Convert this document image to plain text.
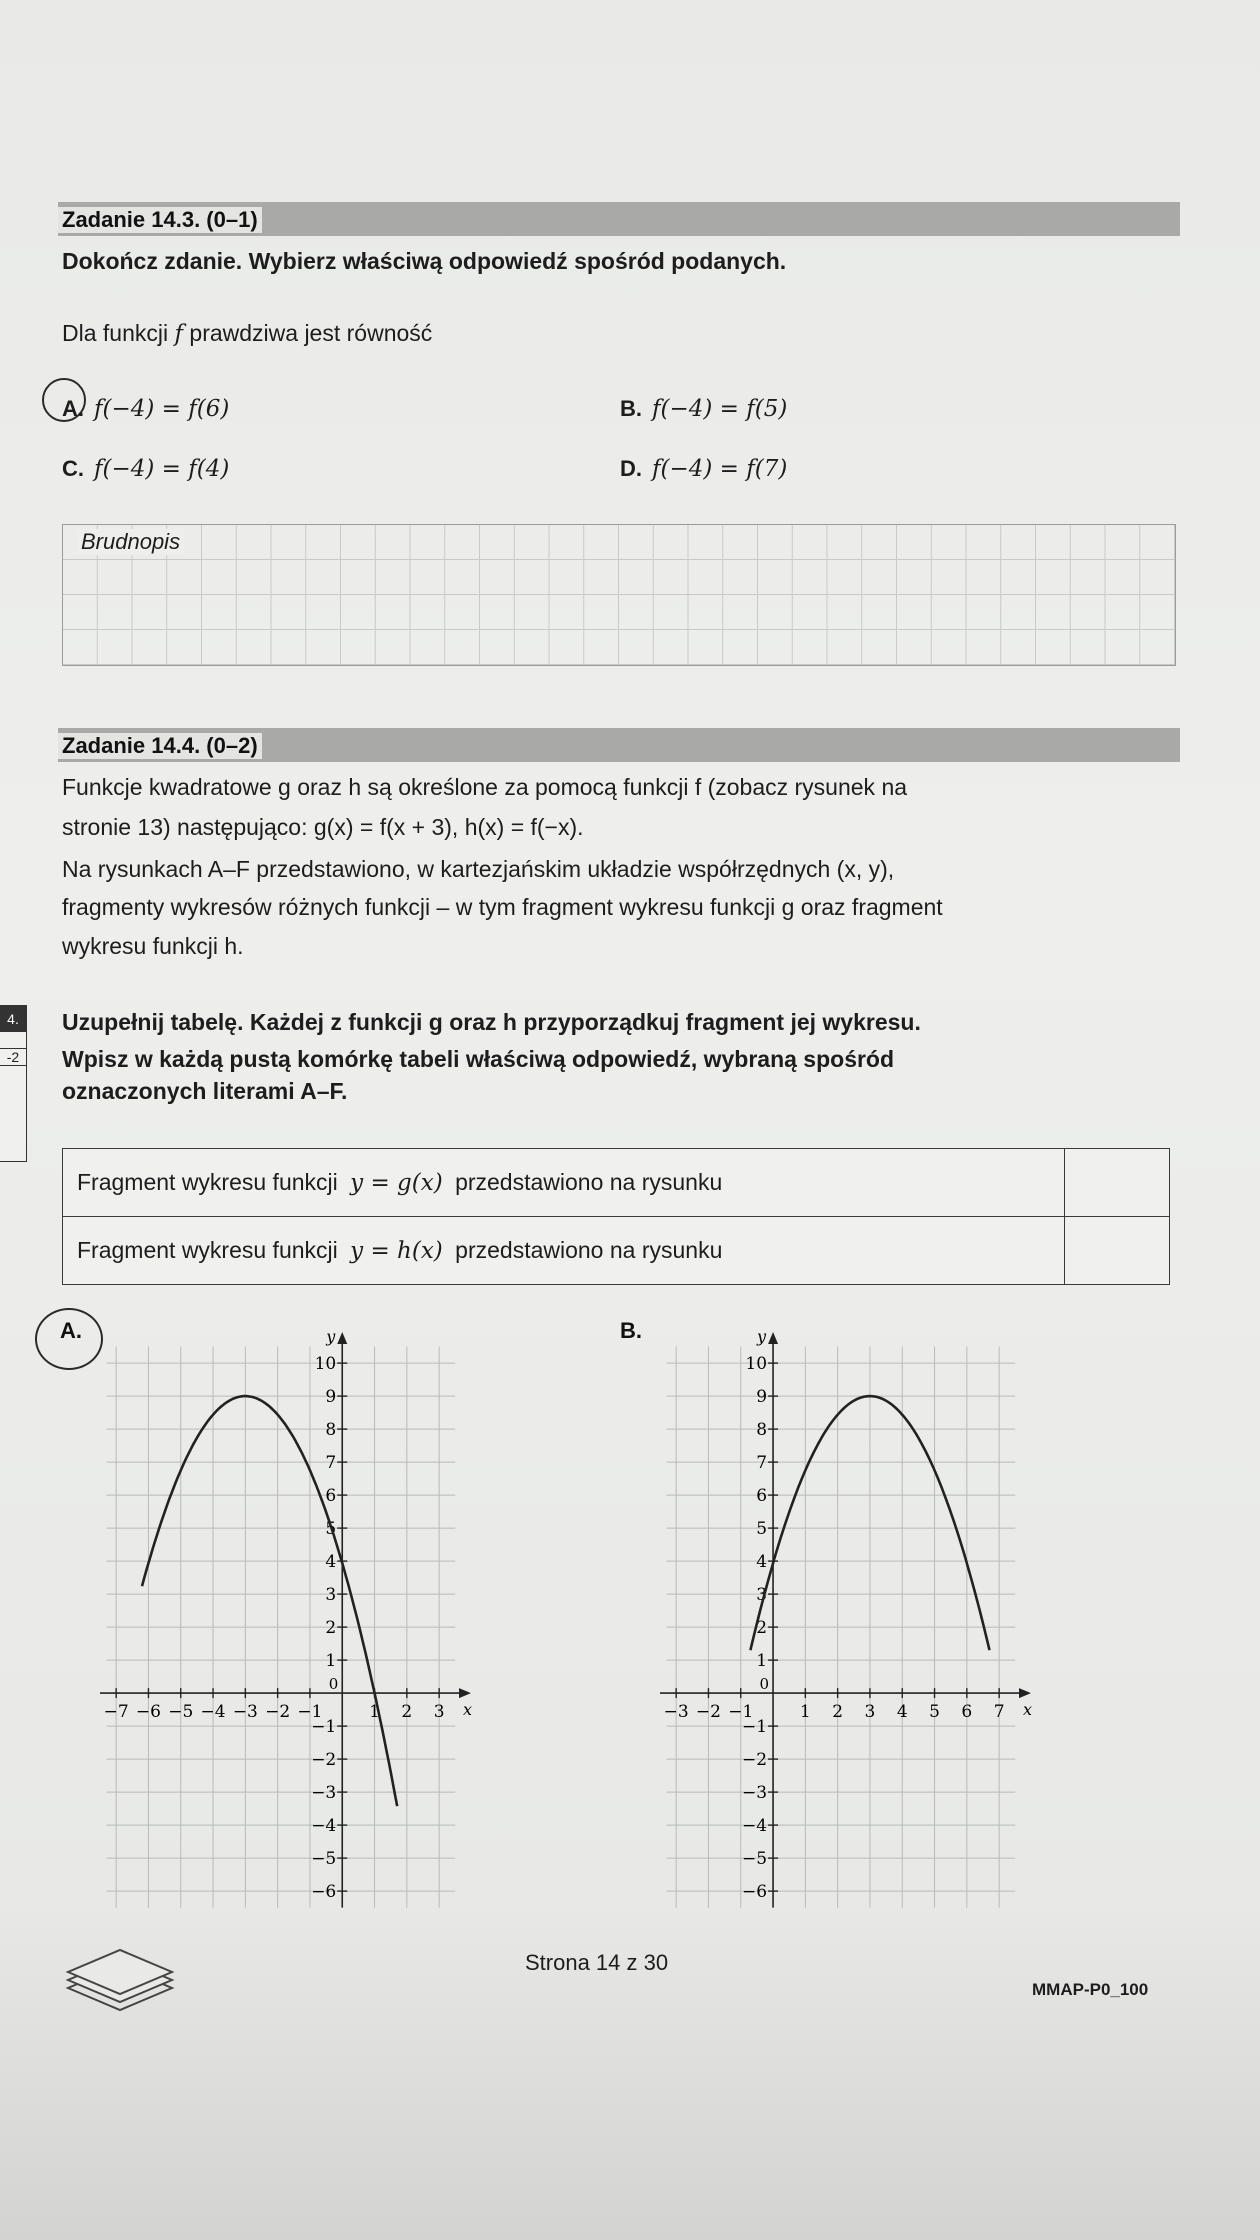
Zadanie 14.3. (0–1)
Dokończ zdanie. Wybierz właściwą odpowiedź spośród podanych.
Dla funkcji f prawdziwa jest równość
A. f(−4) = f(6)	B. f(−4) = f(5)
C. f(−4) = f(4)	D. f(−4) = f(7)
Brudnopis
Zadanie 14.4. (0–2)
Funkcje kwadratowe g oraz h są określone za pomocą funkcji f (zobacz rysunek na
stronie 13) następująco: g(x) = f(x + 3), h(x) = f(−x).
Na rysunkach A–F przedstawiono, w kartezjańskim układzie współrzędnych (x, y),
fragmenty wykresów różnych funkcji – w tym fragment wykresu funkcji g oraz fragment
wykresu funkcji h.
4.
-2
Uzupełnij tabelę. Każdej z funkcji g oraz h przyporządkuj fragment jej wykresu.
Wpisz w każdą pustą komórkę tabeli właściwą odpowiedź, wybraną spośród
oznaczonych literami A–F.
Fragment wykresu funkcji y = g(x) przedstawiono na rysunku	
Fragment wykresu funkcji y = h(x) przedstawiono na rysunku	
A.
x
y
−7 −6 −5 −4 −3 −2 −1	1 2 3
−6
−5
−4
−3
−2
−1
1
2
3
4
5
6
7
8
9
10
0
B.
x
y
−3 −2 −1	1 2 3 4 5 6 7
−6
−5
−4
−3
−2
−1
1
2
3
4
5
6
7
8
9
10
0
Strona 14 z 30
MMAP-P0_100
